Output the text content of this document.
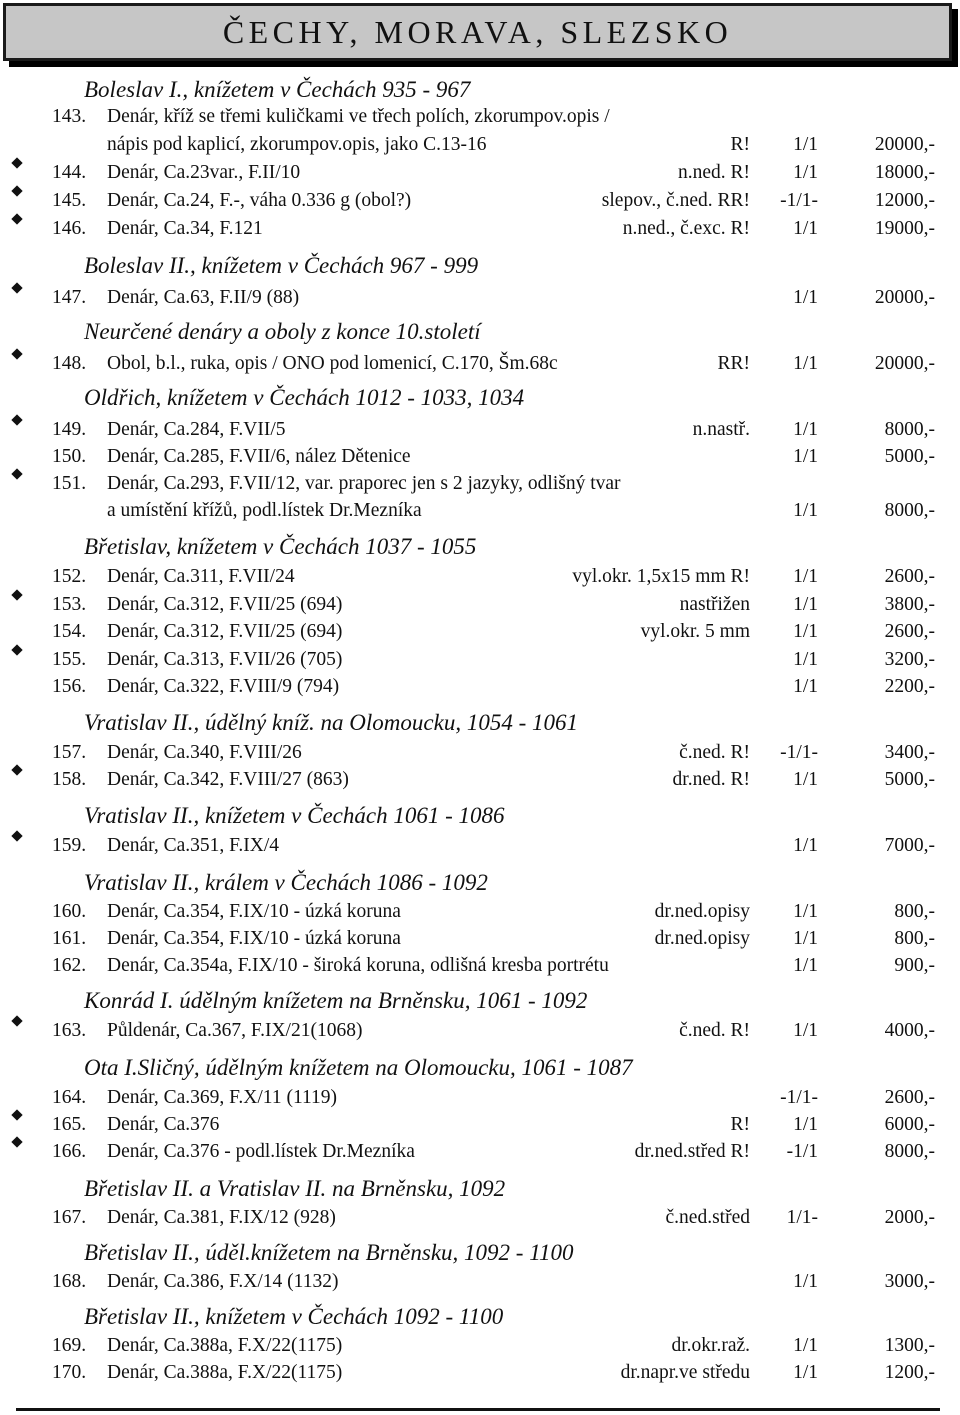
ČECHY, MORAVA, SLEZSKO
Boleslav I., knížetem v Čechách 935 - 967
Boleslav II., knížetem v Čechách 967 - 999
Neurčené denáry a oboly z konce 10.století
Oldřich, knížetem v Čechách 1012 - 1033, 1034
Břetislav, knížetem v Čechách 1037 - 1055
Vratislav II., údělný kníž. na Olomoucku, 1054 - 1061
Vratislav II., knížetem v Čechách 1061 - 1086
Vratislav II., králem v Čechách 1086 - 1092
Konrád I. údělným knížetem na Brněnsku, 1061 - 1092
Ota I.Sličný, údělným knížetem na Olomoucku, 1061 - 1087
Břetislav II. a Vratislav II. na Brněnsku, 1092
Břetislav II., úděl.knížetem na Brněnsku, 1092 - 1100
Břetislav II., knížetem v Čechách 1092 - 1100
143. Denár, kříž se třemi kuličkami ve třech polích, zkorumpov.opis /
nápis pod kaplicí, zkorumpov.opis, jako C.13-16	R! 1/1	20000,-
144. Denár, Ca.23var., F.II/10	n.ned. R! 1/1	18000,-
145. Denár, Ca.24, F.-, váha 0.336 g (obol?)	slepov., č.ned. RR! -1/1-	12000,-
146. Denár, Ca.34, F.121	n.ned., č.exc. R! 1/1	19000,-
147. Denár, Ca.63, F.II/9 (88)	1/1	20000,-
148. Obol, b.l., ruka, opis / ONO pod lomenicí, C.170, Šm.68c	RR! 1/1	20000,-
149. Denár, Ca.284, F.VII/5	n.nastř. 1/1	8000,-
150. Denár, Ca.285, F.VII/6, nález Dětenice	1/1	5000,-
151. Denár, Ca.293, F.VII/12, var. praporec jen s 2 jazyky, odlišný tvar
a umístění křížů, podl.lístek Dr.Mezníka	1/1	8000,-
152. Denár, Ca.311, F.VII/24	vyl.okr. 1,5x15 mm R! 1/1	2600,-
153. Denár, Ca.312, F.VII/25 (694)	nastřižen 1/1	3800,-
154. Denár, Ca.312, F.VII/25 (694)	vyl.okr. 5 mm 1/1	2600,-
155. Denár, Ca.313, F.VII/26 (705)	1/1	3200,-
156. Denár, Ca.322, F.VIII/9 (794)	1/1	2200,-
157. Denár, Ca.340, F.VIII/26	č.ned. R! -1/1-	3400,-
158. Denár, Ca.342, F.VIII/27 (863)	dr.ned. R! 1/1	5000,-
159. Denár, Ca.351, F.IX/4	1/1	7000,-
160. Denár, Ca.354, F.IX/10 - úzká koruna	dr.ned.opisy 1/1	800,-
161. Denár, Ca.354, F.IX/10 - úzká koruna	dr.ned.opisy 1/1	800,-
162. Denár, Ca.354a, F.IX/10 - široká koruna, odlišná kresba portrétu	1/1	900,-
163. Půldenár, Ca.367, F.IX/21(1068)	č.ned. R! 1/1	4000,-
164. Denár, Ca.369, F.X/11 (1119)	-1/1-	2600,-
165. Denár, Ca.376	R! 1/1	6000,-
166. Denár, Ca.376 - podl.lístek Dr.Mezníka	dr.ned.střed R! -1/1	8000,-
167. Denár, Ca.381, F.IX/12 (928)	č.ned.střed 1/1-	2000,-
168. Denár, Ca.386, F.X/14 (1132)	1/1	3000,-
169. Denár, Ca.388a, F.X/22(1175)	dr.okr.raž. 1/1	1300,-
170. Denár, Ca.388a, F.X/22(1175)	dr.napr.ve středu 1/1	1200,-
